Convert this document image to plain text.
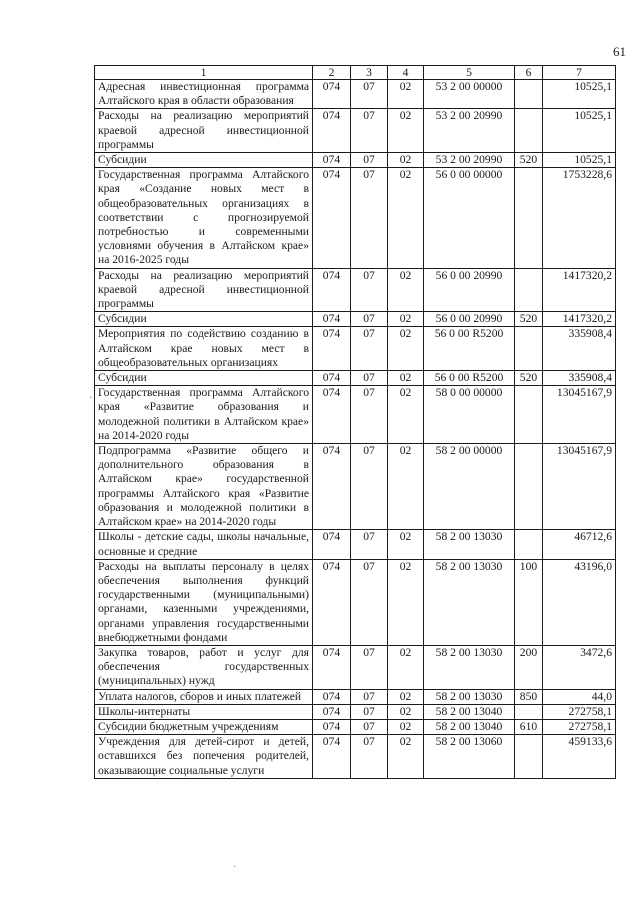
61
·
1	2	3	4	5	6	7
Адресная инвестиционная программа Алтайского края в области образования	074	07	02	53 2 00 00000		10525,1
Расходы на реализацию мероприятий краевой адресной инвестиционной программы	074	07	02	53 2 00 20990		10525,1
Субсидии	074	07	02	53 2 00 20990	520	10525,1
Государственная программа Алтайского края «Создание новых мест в общеобразовательных организациях в соответствии с прогнозируемой потребностью и современными условиями обучения в Алтайском крае» на 2016-2025 годы	074	07	02	56 0 00 00000		1753228,6
Расходы на реализацию мероприятий краевой адресной инвестиционной программы	074	07	02	56 0 00 20990		1417320,2
Субсидии	074	07	02	56 0 00 20990	520	1417320,2
Мероприятия по содействию созданию в Алтайском крае новых мест в общеобразовательных организациях	074	07	02	56 0 00 R5200		335908,4
Субсидии	074	07	02	56 0 00 R5200	520	335908,4
Государственная программа Алтайского края «Развитие образования и молодежной политики в Алтайском крае» на 2014-2020 годы	074	07	02	58 0 00 00000		13045167,9
Подпрограмма «Развитие общего и дополнительного образования в Алтайском крае» государственной программы Алтайского края «Развитие образования и молодежной политики в Алтайском крае» на 2014-2020 годы	074	07	02	58 2 00 00000		13045167,9
Школы - детские сады, школы начальные, основные и средние	074	07	02	58 2 00 13030		46712,6
Расходы на выплаты персоналу в целях обеспечения выполнения функций государственными (муниципальными) органами, казенными учреждениями, органами управления государственными внебюджетными фондами	074	07	02	58 2 00 13030	100	43196,0
Закупка товаров, работ и услуг для обеспечения государственных (муниципальных) нужд	074	07	02	58 2 00 13030	200	3472,6
Уплата налогов, сборов и иных платежей	074	07	02	58 2 00 13030	850	44,0
Школы-интернаты	074	07	02	58 2 00 13040		272758,1
Субсидии бюджетным учреждениям	074	07	02	58 2 00 13040	610	272758,1
Учреждения для детей-сирот и детей, оставшихся без попечения родителей, оказывающие социальные услуги	074	07	02	58 2 00 13060		459133,6
·
